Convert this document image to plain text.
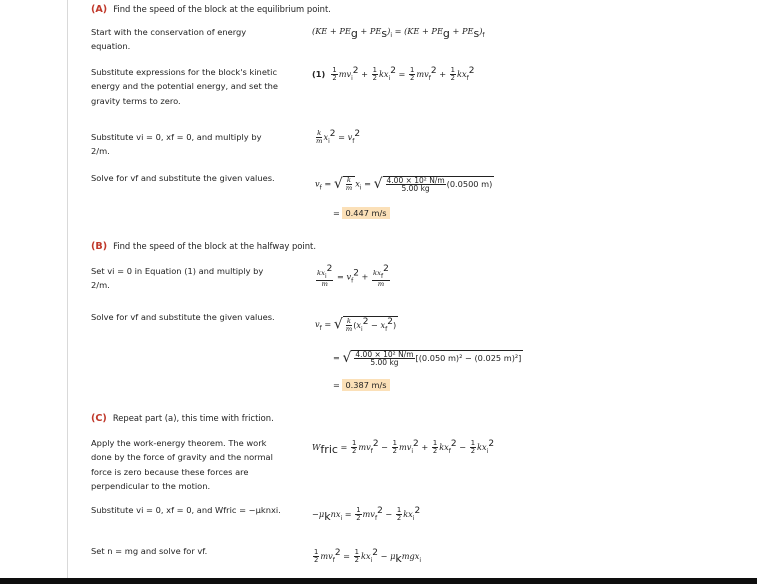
(A) Find the speed of the block at the equilibrium point.
Start with the conservation of energy equation.
(KE + PEg + $PEs)_i = (KE$ + PEg + $PEs)_f$
Substitute expressions for the block's kinetic energy and the potential energy, and set the gravity terms to zero.
$(1) \frac{1}{2} mv_i2 + \frac{1}{2} kx_i2 = \frac{1}{2} mv_f2 + \frac{1}{2} kx_f2$
Substitute vi = 0, xf = 0, and multiply by 2/m.
$\frac{k}{m} x_i2 = v_f2$
Solve for vf and substitute the given values.
$v_f$ = √ $\frac{k}{m} x_i$ = √ $\frac{\text{4.00 × 10² N/m}}{5.00 kg} (0.0500$ m)
= 0.447 m/s
(B) Find the speed of the block at the halfway point.
Set vi = 0 in Equation (1) and multiply by 2/m.	$\frac{\text{kxi2}}{m} = v_f2 + \frac{\text{kxf2}}{m}$
Solve for vf and substitute the given values.
$v_f$ = √ $\frac{k}{m} (x_i2 - x_f2)$
= √ $\frac{\text{4.00 × 10² N/m}}{5.00 kg} [(0.050$ m)² − (0.025 m)²]
= 0.387 m/s
(C) Repeat part (a), this time with friction.
Apply the work-energy theorem. The work done by the force of gravity and the normal force is zero because these forces are perpendicular to the motion.
Wfric = $\frac{1}{2} mv_f2 - \frac{1}{2} mv_i2 + \frac{1}{2} kx_f2 - \frac{1}{2} kx_i2$
Substitute vi = 0, xf = 0, and Wfric = −μknxi.	$-\mu knx_i = \frac{1}{2} mv_f2 - \frac{1}{2} kx_i2$
Set n = mg and solve for vf.	$\frac{1}{2} mv_f2 = \frac{1}{2} kx_i2$ − μkmgx$_i$
